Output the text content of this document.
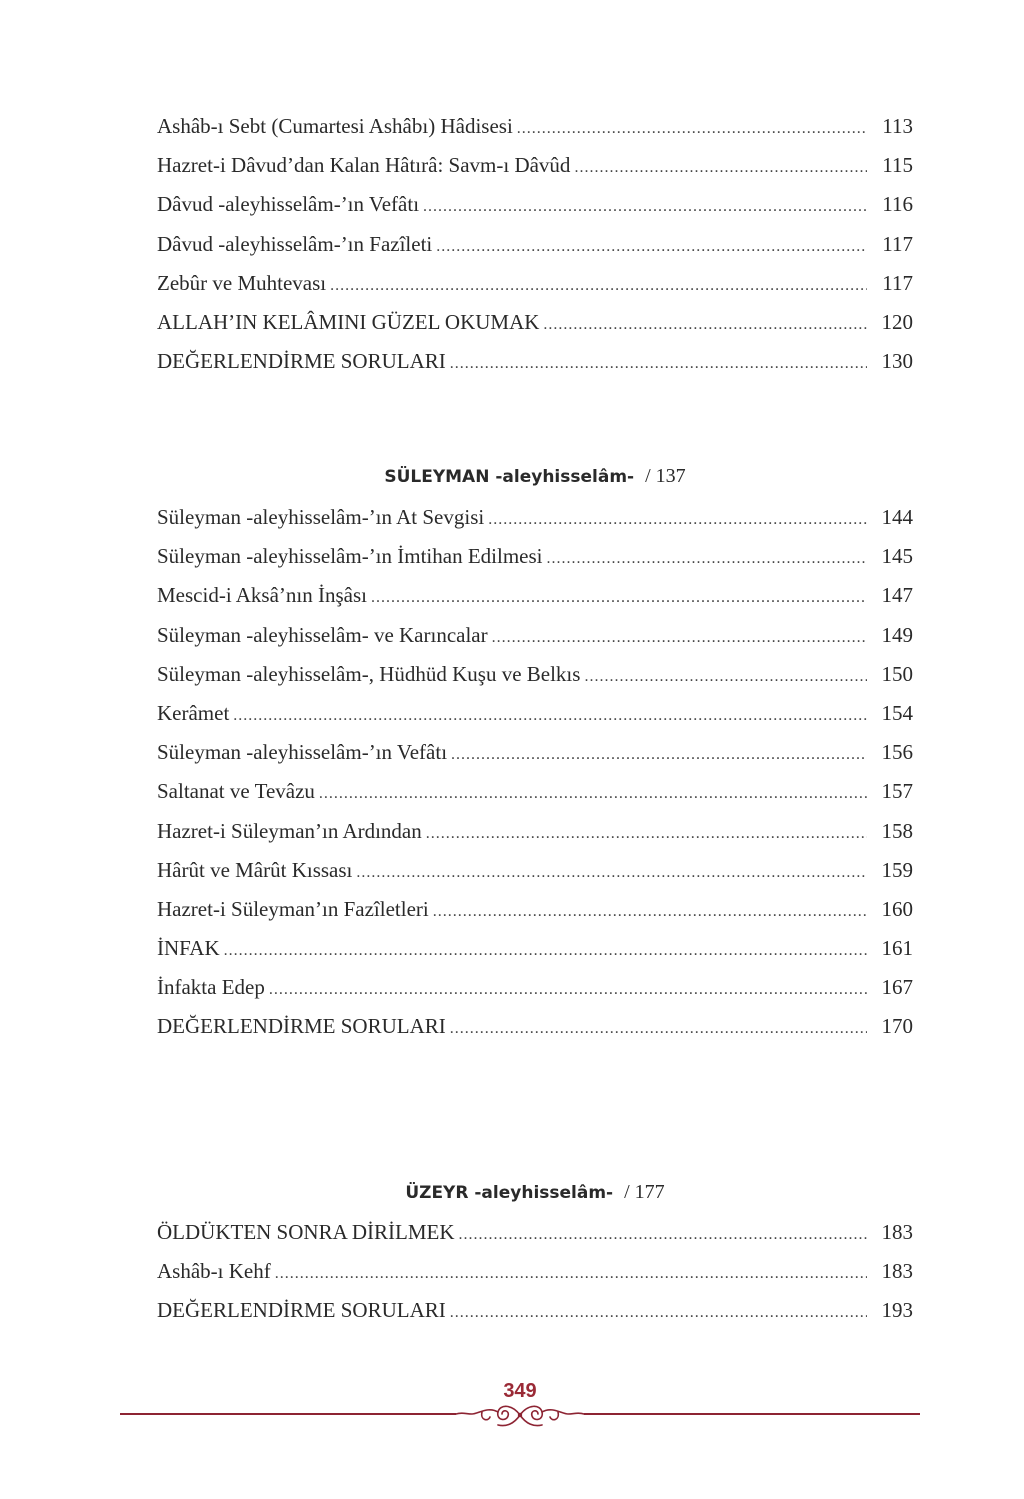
Ashâb-ı Sebt (Cumartesi Ashâbı) Hâdisesi .....	113
Hazret-i Dâvud’dan Kalan Hâtırâ: Savm-ı Dâvûd .....	115
Dâvud -aleyhisselâm-’ın Vefâtı .....	116
Dâvud -aleyhisselâm-’ın Fazîleti .....	117
Zebûr ve Muhtevası .....	117
ALLAH’IN KELÂMINI GÜZEL OKUMAK .....	120
DEĞERLENDİRME SORULARI .....	130
SÜLEYMAN -aleyhisselâm- / 137
Süleyman -aleyhisselâm-’ın At Sevgisi .....	144
Süleyman -aleyhisselâm-’ın İmtihan Edilmesi .....	145
Mescid-i Aksâ’nın İnşâsı .....	147
Süleyman -aleyhisselâm- ve Karıncalar .....	149
Süleyman -aleyhisselâm-, Hüdhüd Kuşu ve Belkıs .....	150
Kerâmet .....	154
Süleyman -aleyhisselâm-’ın Vefâtı .....	156
Saltanat ve Tevâzu .....	157
Hazret-i Süleyman’ın Ardından .....	158
Hârût ve Mârût Kıssası .....	159
Hazret-i Süleyman’ın Fazîletleri .....	160
İNFAK .....	161
İnfakta Edep .....	167
DEĞERLENDİRME SORULARI .....	170
ÜZEYR -aleyhisselâm- / 177
ÖLDÜKTEN SONRA DİRİLMEK .....	183
Ashâb-ı Kehf .....	183
DEĞERLENDİRME SORULARI .....	193
349
